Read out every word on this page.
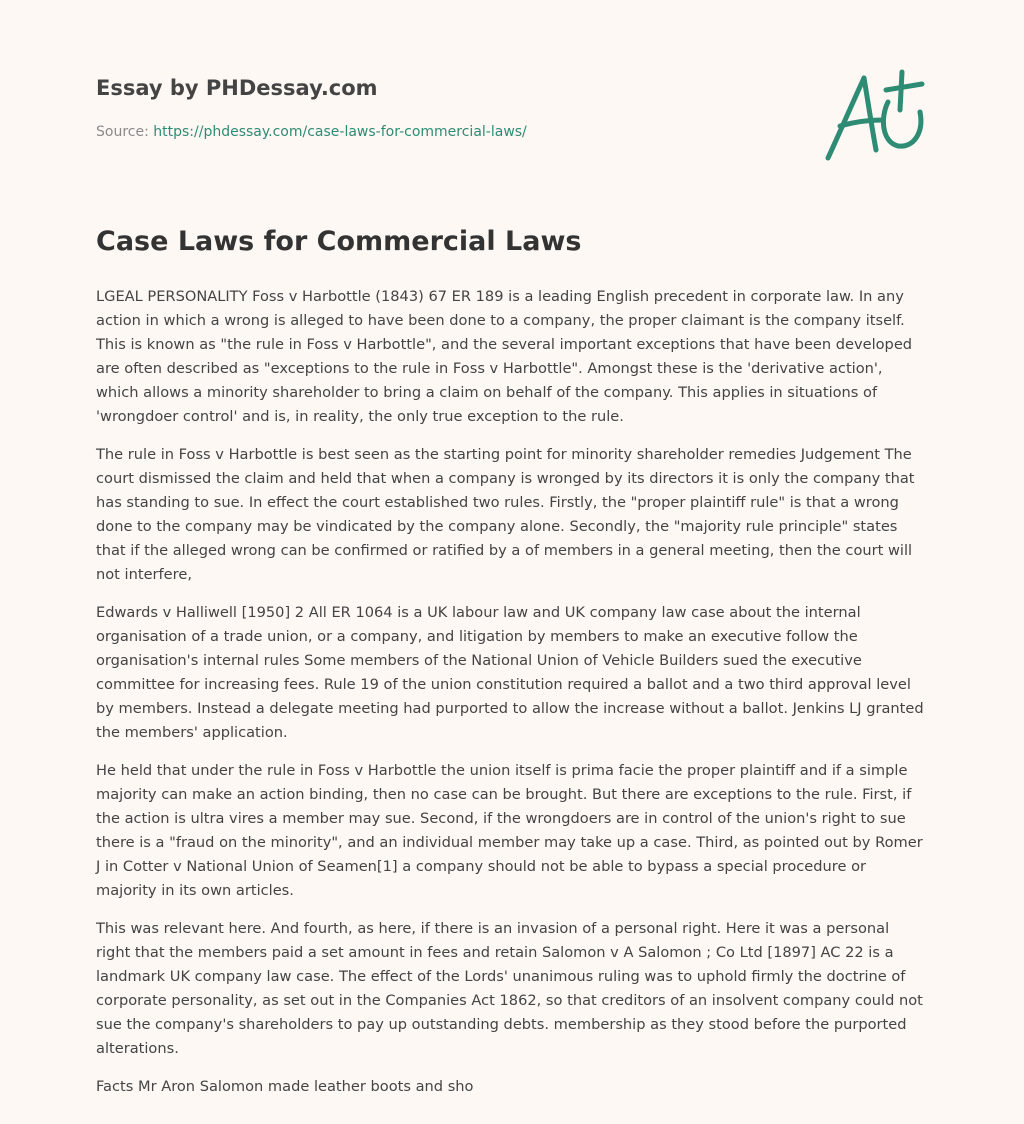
Essay by PHDessay.com
Source: https://phdessay.com/case-laws-for-commercial-laws/
Case Laws for Commercial Laws

LGEAL PERSONALITY Foss v Harbottle (1843) 67 ER 189 is a leading English precedent in corporate law. In any action in which a wrong is alleged to have been done to a company, the proper claimant is the company itself. This is known as "the rule in Foss v Harbottle", and the several important exceptions that have been developed are often described as "exceptions to the rule in Foss v Harbottle". Amongst these is the 'derivative action', which allows a minority shareholder to bring a claim on behalf of the company. This applies in situations of 'wrongdoer control' and is, in reality, the only true exception to the rule.

The rule in Foss v Harbottle is best seen as the starting point for minority shareholder remedies Judgement The court dismissed the claim and held that when a company is wronged by its directors it is only the company that has standing to sue. In effect the court established two rules. Firstly, the "proper plaintiff rule" is that a wrong done to the company may be vindicated by the company alone. Secondly, the "majority rule principle" states that if the alleged wrong can be confirmed or ratified by a of members in a general meeting, then the court will not interfere,

Edwards v Halliwell [1950] 2 All ER 1064 is a UK labour law and UK company law case about the internal organisation of a trade union, or a company, and litigation by members to make an executive follow the organisation's internal rules Some members of the National Union of Vehicle Builders sued the executive committee for increasing fees. Rule 19 of the union constitution required a ballot and a two third approval level by members. Instead a delegate meeting had purported to allow the increase without a ballot. Jenkins LJ granted the members' application.

He held that under the rule in Foss v Harbottle the union itself is prima facie the proper plaintiff and if a simple majority can make an action binding, then no case can be brought. But there are exceptions to the rule. First, if the action is ultra vires a member may sue. Second, if the wrongdoers are in control of the union's right to sue there is a "fraud on the minority", and an individual member may take up a case. Third, as pointed out by Romer J in Cotter v National Union of Seamen[1] a company should not be able to bypass a special procedure or majority in its own articles.

This was relevant here. And fourth, as here, if there is an invasion of a personal right. Here it was a personal right that the members paid a set amount in fees and retain Salomon v A Salomon ; Co Ltd [1897] AC 22 is a landmark UK company law case. The effect of the Lords' unanimous ruling was to uphold firmly the doctrine of corporate personality, as set out in the Companies Act 1862, so that creditors of an insolvent company could not sue the company's shareholders to pay up outstanding debts. membership as they stood before the purported alterations.

Facts Mr Aron Salomon made leather boots and sho
